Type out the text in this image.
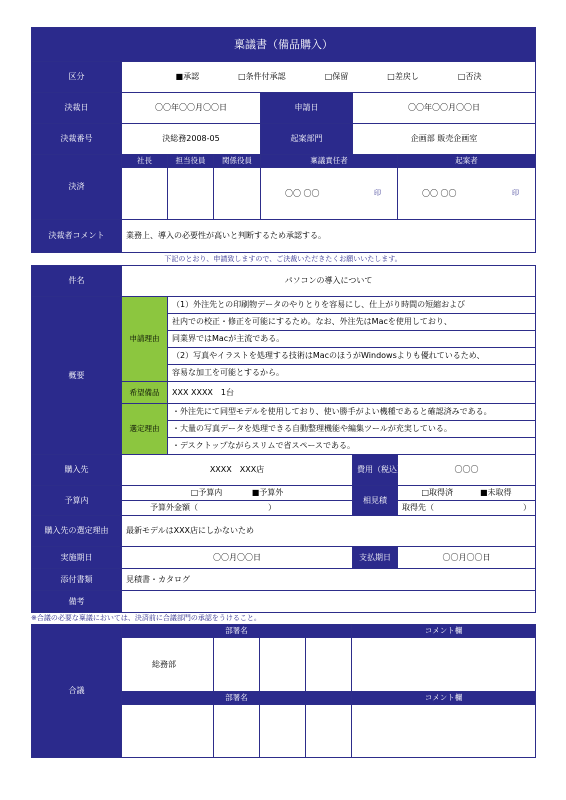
稟議書（備品購入）						
区分	■承認 □条件付承認 □保留 □差戻し □否決					

決裁日	〇〇年〇〇月〇〇日			申請日	〇〇年〇〇月〇〇日	
決裁番号	決総務2008-05			起案部門	企画部 販売企画室	
決済	社長	担当役員	関係役員	稟議責任者		起案者
				〇〇 〇〇 印		〇〇 〇〇 印

決裁者コメント	業務上、導入の必要性が高いと判断するため承認する。					
下記のとおり、申請致しますので、ご決裁いただきたくお願いいたします。
件名	パソコンの導入について			
概要	申請理由	（1）外注先との印刷物データのやりとりを容易にし、仕上がり時間の短縮および		
		社内での校正・修正を可能にするため。なお、外注先はMacを使用しており、		
		同業界ではMacが主流である。		
		（2）写真やイラストを処理する技術はMacのほうがWindowsよりも優れているため、		
		容易な加工を可能とするから。		
	希望備品	XXX XXXX　1台		
	選定理由	・外注先にて同型モデルを使用しており、使い勝手がよい機種であると確認済みである。		
		・大量の写真データを処理できる自動整理機能や編集ツールが充実している。		
		・デスクトップながらスリムで省スペースである。		
購入先	XXXX　XXX店		費用（税込）	〇〇〇
予算内	□予算内 ■予算外		相見積	□取得済 ■未取得

	予算外金額（ ）			取得先（ ）

購入先の選定理由	最新モデルはXXX店にしかないため			
実施期日	〇〇月〇〇日		支払期日	〇〇月〇〇日
添付書類	見積書・カタログ			
備考				
※合議の必要な稟議においては、決済前に合議部門の承認をうけること。
合議	部署名				コメント欄
	総務部				
	部署名				コメント欄
